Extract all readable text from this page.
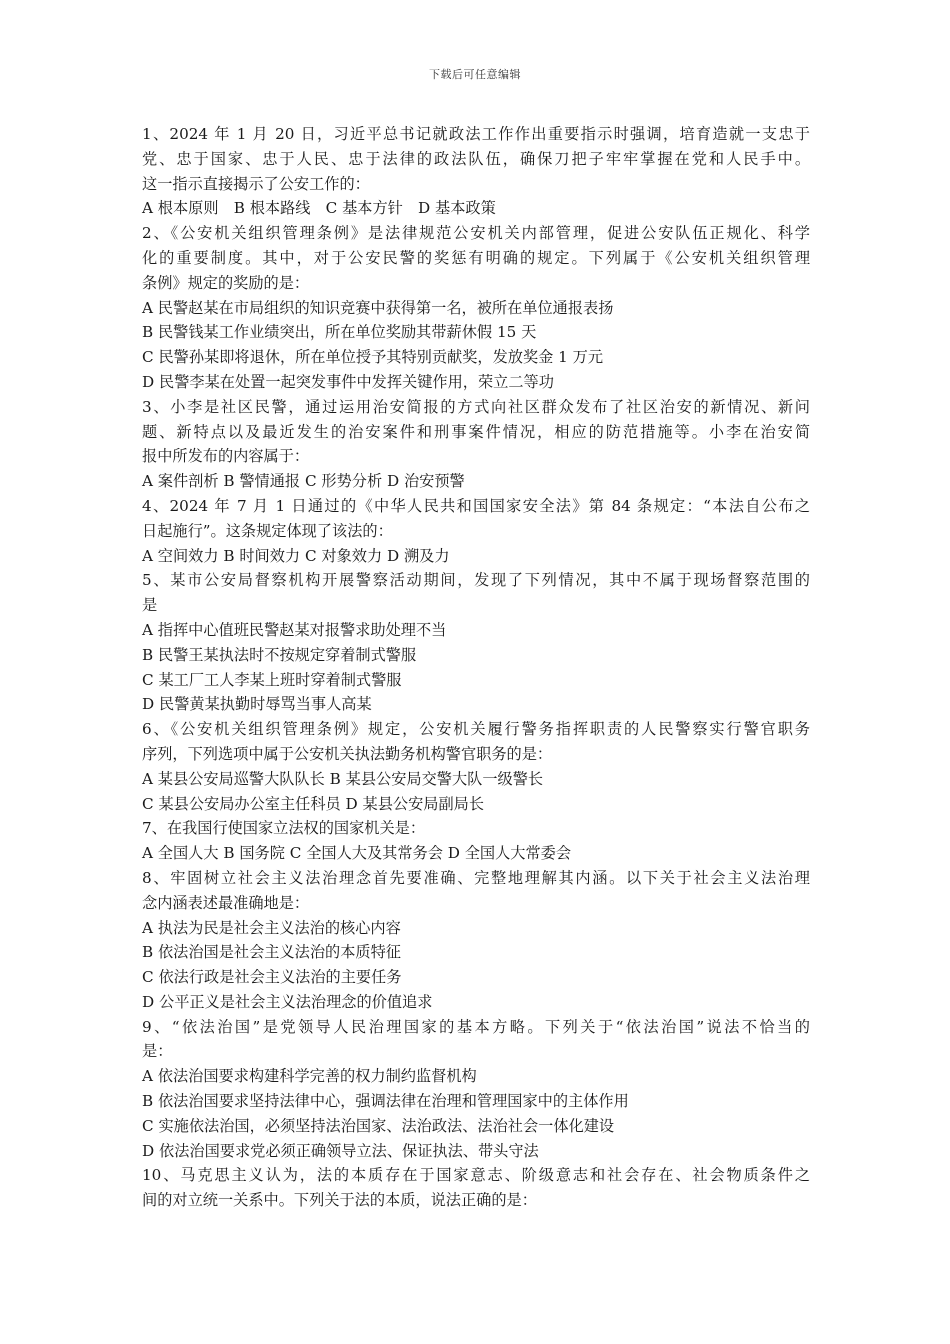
下载后可任意编辑
1、2024 年 1 月 20 日，习近平总书记就政法工作作出重要指示时强调，培育造就一支忠于
党、忠于国家、忠于人民、忠于法律的政法队伍，确保刀把子牢牢掌握在党和人民手中。
这一指示直接揭示了公安工作的：
A 根本原则　B 根本路线　C 基本方针　D 基本政策
2、《公安机关组织管理条例》是法律规范公安机关内部管理，促进公安队伍正规化、科学
化的重要制度。其中，对于公安民警的奖惩有明确的规定。下列属于《公安机关组织管理
条例》规定的奖励的是：
A 民警赵某在市局组织的知识竞赛中获得第一名，被所在单位通报表扬
B 民警钱某工作业绩突出，所在单位奖励其带薪休假 15 天
C 民警孙某即将退休，所在单位授予其特别贡献奖，发放奖金 1 万元
D 民警李某在处置一起突发事件中发挥关键作用，荣立二等功
3、小李是社区民警，通过运用治安简报的方式向社区群众发布了社区治安的新情况、新问
题、新特点以及最近发生的治安案件和刑事案件情况，相应的防范措施等。小李在治安简
报中所发布的内容属于：
A 案件剖析 B 警情通报 C 形势分析 D 治安预警
4、2024 年 7 月 1 日通过的《中华人民共和国国家安全法》第 84 条规定：“本法自公布之
日起施行”。这条规定体现了该法的：
A 空间效力 B 时间效力 C 对象效力 D 溯及力
5、某市公安局督察机构开展警察活动期间，发现了下列情况，其中不属于现场督察范围的
是
A 指挥中心值班民警赵某对报警求助处理不当
B 民警王某执法时不按规定穿着制式警服
C 某工厂工人李某上班时穿着制式警服
D 民警黄某执勤时辱骂当事人高某
6、《公安机关组织管理条例》规定，公安机关履行警务指挥职责的人民警察实行警官职务
序列，下列选项中属于公安机关执法勤务机构警官职务的是：
A 某县公安局巡警大队队长 B 某县公安局交警大队一级警长
C 某县公安局办公室主任科员 D 某县公安局副局长
7、在我国行使国家立法权的国家机关是：
A 全国人大 B 国务院 C 全国人大及其常务会 D 全国人大常委会
8、牢固树立社会主义法治理念首先要准确、完整地理解其内涵。以下关于社会主义法治理
念内涵表述最准确地是：
A 执法为民是社会主义法治的核心内容
B 依法治国是社会主义法治的本质特征
C 依法行政是社会主义法治的主要任务
D 公平正义是社会主义法治理念的价值追求
9、“依法治国”是党领导人民治理国家的基本方略。下列关于“依法治国”说法不恰当的
是：
A 依法治国要求构建科学完善的权力制约监督机构
B 依法治国要求坚持法律中心，强调法律在治理和管理国家中的主体作用
C 实施依法治国，必须坚持法治国家、法治政法、法治社会一体化建设
D 依法治国要求党必须正确领导立法、保证执法、带头守法
10、马克思主义认为，法的本质存在于国家意志、阶级意志和社会存在、社会物质条件之
间的对立统一关系中。下列关于法的本质，说法正确的是：
